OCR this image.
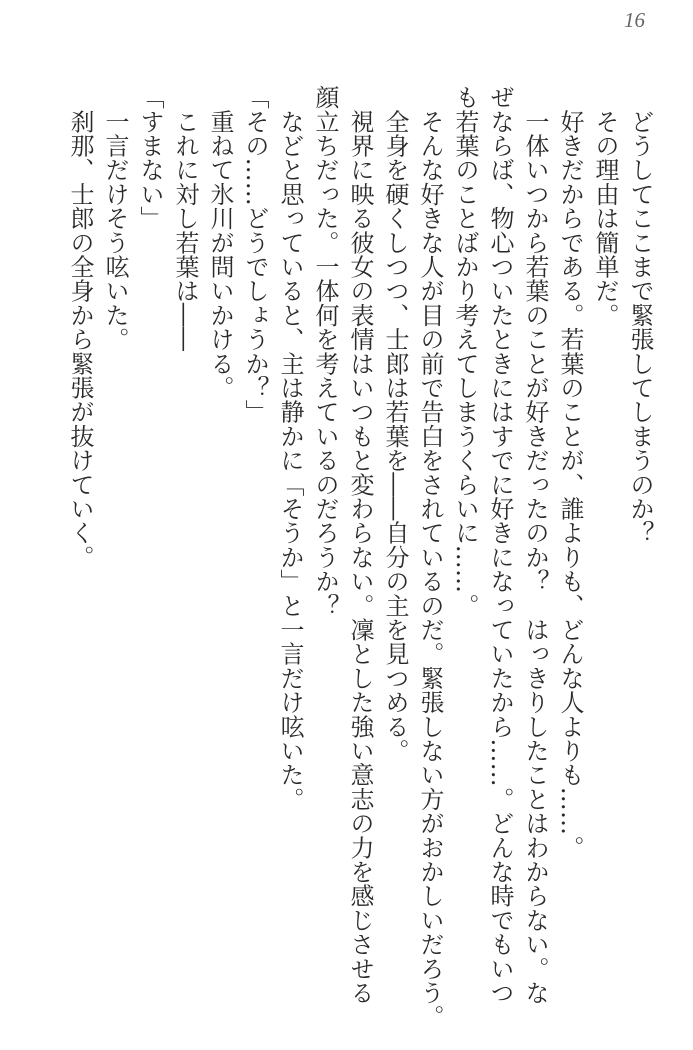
16
　どうしてここまで緊張してしまうのか？
　その理由は簡単だ。
　好きだからである。若葉のことが、誰よりも、どんな人よりも……。
　一体いつから若葉のことが好きだったのか？　はっきりしたことはわからない。な
ぜならば、物心ついたときにはすでに好きになっていたから……。どんな時でもいつ
も若葉のことばかり考えてしまうくらいに……。
　そんな好きな人が目の前で告白をされているのだ。緊張しない方がおかしいだろう。
　全身を硬くしつつ、士郎は若葉を――自分の主を見つめる。
　視界に映る彼女の表情はいつもと変わらない。凜とした強い意志の力を感じさせる
顔立ちだった。一体何を考えているのだろうか？
　などと思っていると、主は静かに「そうか」と一言だけ呟いた。
「その……どうでしょうか？」
　重ねて氷川が問いかける。
　これに対し若葉は――
「すまない」
　一言だけそう呟いた。
　刹那、士郎の全身から緊張が抜けていく。
